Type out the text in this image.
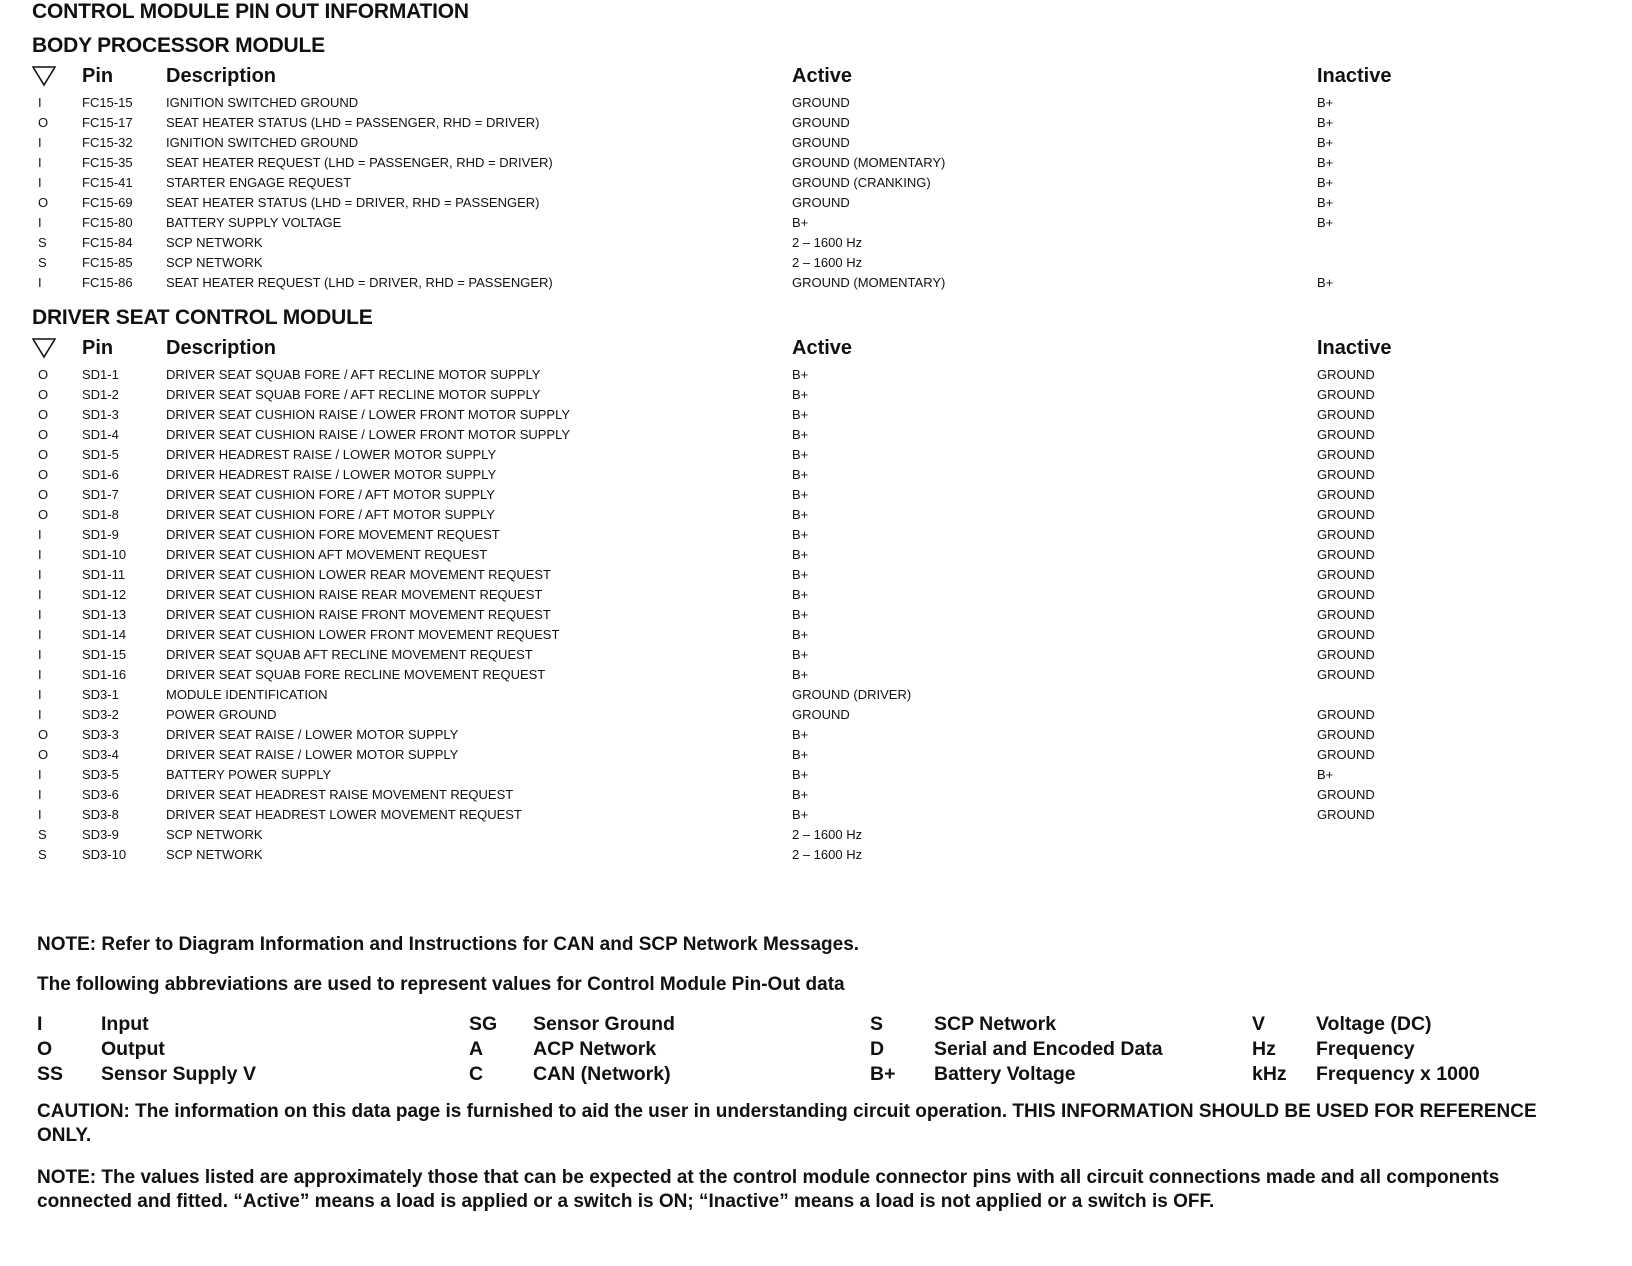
CONTROL MODULE PIN OUT INFORMATION
BODY PROCESSOR MODULE
	Pin	Description	Active	Inactive
I	FC15-15	IGNITION SWITCHED GROUND	GROUND	B+
O	FC15-17	SEAT HEATER STATUS (LHD = PASSENGER, RHD = DRIVER)	GROUND	B+
I	FC15-32	IGNITION SWITCHED GROUND	GROUND	B+
I	FC15-35	SEAT HEATER REQUEST (LHD = PASSENGER, RHD = DRIVER)	GROUND (MOMENTARY)	B+
I	FC15-41	STARTER ENGAGE REQUEST	GROUND (CRANKING)	B+
O	FC15-69	SEAT HEATER STATUS (LHD = DRIVER, RHD = PASSENGER)	GROUND	B+
I	FC15-80	BATTERY SUPPLY VOLTAGE	B+	B+
S	FC15-84	SCP NETWORK	2 – 1600 Hz	
S	FC15-85	SCP NETWORK	2 – 1600 Hz	
I	FC15-86	SEAT HEATER REQUEST (LHD = DRIVER, RHD = PASSENGER)	GROUND (MOMENTARY)	B+
DRIVER SEAT CONTROL MODULE
	Pin	Description	Active	Inactive
O	SD1-1	DRIVER SEAT SQUAB FORE / AFT RECLINE MOTOR SUPPLY	B+	GROUND
O	SD1-2	DRIVER SEAT SQUAB FORE / AFT RECLINE MOTOR SUPPLY	B+	GROUND
O	SD1-3	DRIVER SEAT CUSHION RAISE / LOWER FRONT MOTOR SUPPLY	B+	GROUND
O	SD1-4	DRIVER SEAT CUSHION RAISE / LOWER FRONT MOTOR SUPPLY	B+	GROUND
O	SD1-5	DRIVER HEADREST RAISE / LOWER MOTOR SUPPLY	B+	GROUND
O	SD1-6	DRIVER HEADREST RAISE / LOWER MOTOR SUPPLY	B+	GROUND
O	SD1-7	DRIVER SEAT CUSHION FORE / AFT MOTOR SUPPLY	B+	GROUND
O	SD1-8	DRIVER SEAT CUSHION FORE / AFT MOTOR SUPPLY	B+	GROUND
I	SD1-9	DRIVER SEAT CUSHION FORE MOVEMENT REQUEST	B+	GROUND
I	SD1-10	DRIVER SEAT CUSHION AFT MOVEMENT REQUEST	B+	GROUND
I	SD1-11	DRIVER SEAT CUSHION LOWER REAR MOVEMENT REQUEST	B+	GROUND
I	SD1-12	DRIVER SEAT CUSHION RAISE REAR MOVEMENT REQUEST	B+	GROUND
I	SD1-13	DRIVER SEAT CUSHION RAISE FRONT MOVEMENT REQUEST	B+	GROUND
I	SD1-14	DRIVER SEAT CUSHION LOWER FRONT MOVEMENT REQUEST	B+	GROUND
I	SD1-15	DRIVER SEAT SQUAB AFT RECLINE MOVEMENT REQUEST	B+	GROUND
I	SD1-16	DRIVER SEAT SQUAB FORE RECLINE MOVEMENT REQUEST	B+	GROUND
I	SD3-1	MODULE IDENTIFICATION	GROUND (DRIVER)	
I	SD3-2	POWER GROUND	GROUND	GROUND
O	SD3-3	DRIVER SEAT RAISE / LOWER MOTOR SUPPLY	B+	GROUND
O	SD3-4	DRIVER SEAT RAISE / LOWER MOTOR SUPPLY	B+	GROUND
I	SD3-5	BATTERY POWER SUPPLY	B+	B+
I	SD3-6	DRIVER SEAT HEADREST RAISE MOVEMENT REQUEST	B+	GROUND
I	SD3-8	DRIVER SEAT HEADREST LOWER MOVEMENT REQUEST	B+	GROUND
S	SD3-9	SCP NETWORK	2 – 1600 Hz	
S	SD3-10	SCP NETWORK	2 – 1600 Hz	
NOTE: Refer to Diagram Information and Instructions for CAN and SCP Network Messages.
The following abbreviations are used to represent values for Control Module Pin-Out data
I	Input	SG	Sensor Ground	S	SCP Network	V	Voltage (DC)
O	Output	A	ACP Network	D	Serial and Encoded Data	Hz	Frequency
SS	Sensor Supply V	C	CAN (Network)	B+	Battery Voltage	kHz	Frequency x 1000
CAUTION: The information on this data page is furnished to aid the user in understanding circuit operation. THIS INFORMATION SHOULD BE USED FOR REFERENCE ONLY.
NOTE: The values listed are approximately those that can be expected at the control module connector pins with all circuit connections made and all components connected and fitted. “Active” means a load is applied or a switch is ON; “Inactive” means a load is not applied or a switch is OFF.
